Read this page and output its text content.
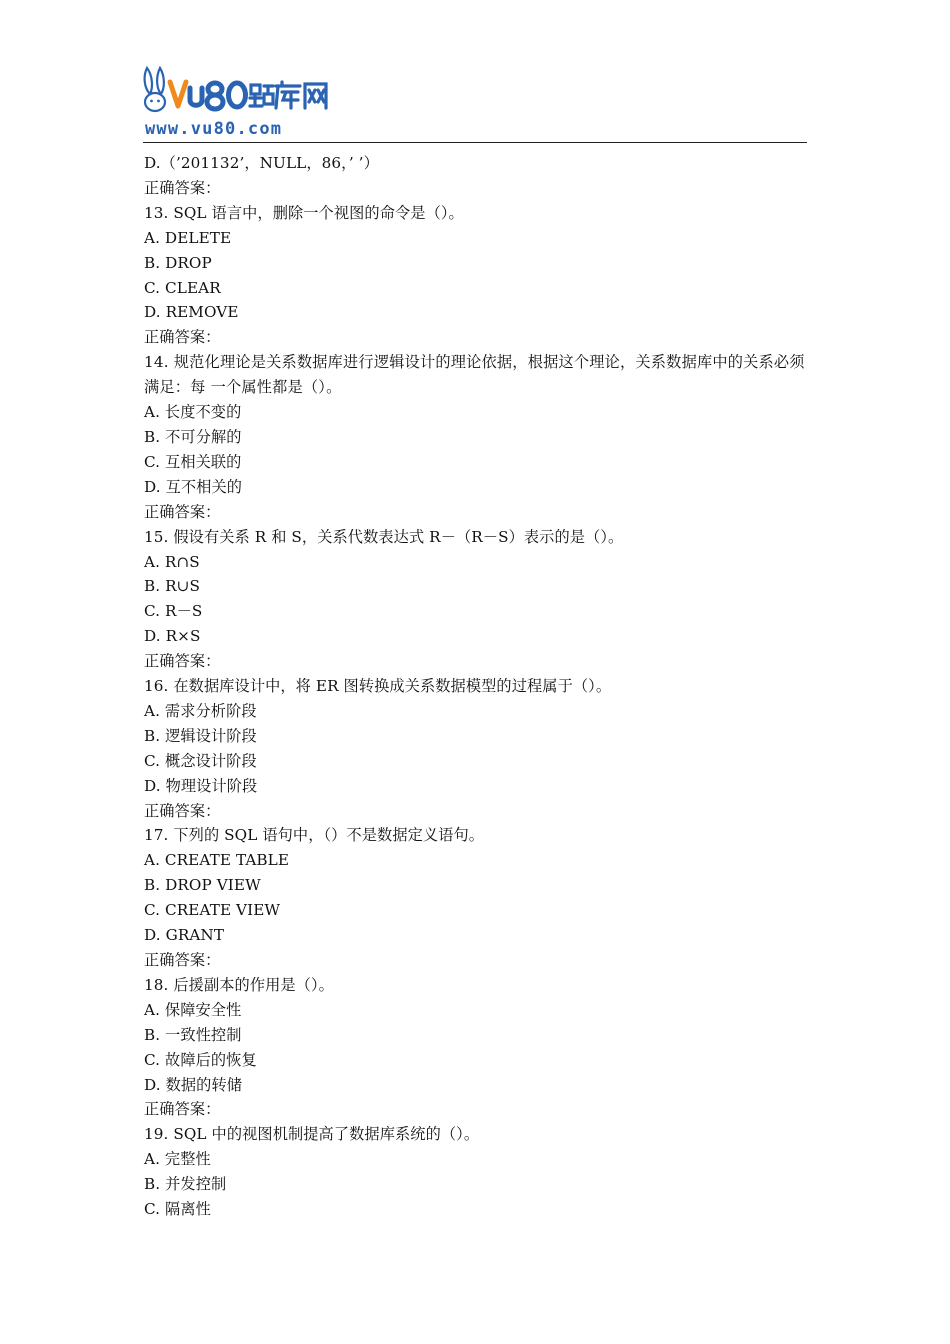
www.vu80.com
D.（’201132’，NULL，86，’ ’）
正确答案：
13. SQL 语言中，删除一个视图的命令是（）。
A. DELETE
B. DROP
C. CLEAR
D. REMOVE
正确答案：
14. 规范化理论是关系数据库进行逻辑设计的理论依据，根据这个理论，关系数据库中的关系必须满足：每 一个属性都是（）。
A. 长度不变的
B. 不可分解的
C. 互相关联的
D. 互不相关的
正确答案：
15. 假设有关系 R 和 S，关系代数表达式 R－（R－S）表示的是（）。
A. R∩S
B. R∪S
C. R－S
D. R×S
正确答案：
16. 在数据库设计中，将 ER 图转换成关系数据模型的过程属于（）。
A. 需求分析阶段
B. 逻辑设计阶段
C. 概念设计阶段
D. 物理设计阶段
正确答案：
17. 下列的 SQL 语句中，（）不是数据定义语句。
A. CREATE TABLE
B. DROP VIEW
C. CREATE VIEW
D. GRANT
正确答案：
18. 后援副本的作用是（）。
A. 保障安全性
B. 一致性控制
C. 故障后的恢复
D. 数据的转储
正确答案：
19. SQL 中的视图机制提高了数据库系统的（）。
A. 完整性
B. 并发控制
C. 隔离性
